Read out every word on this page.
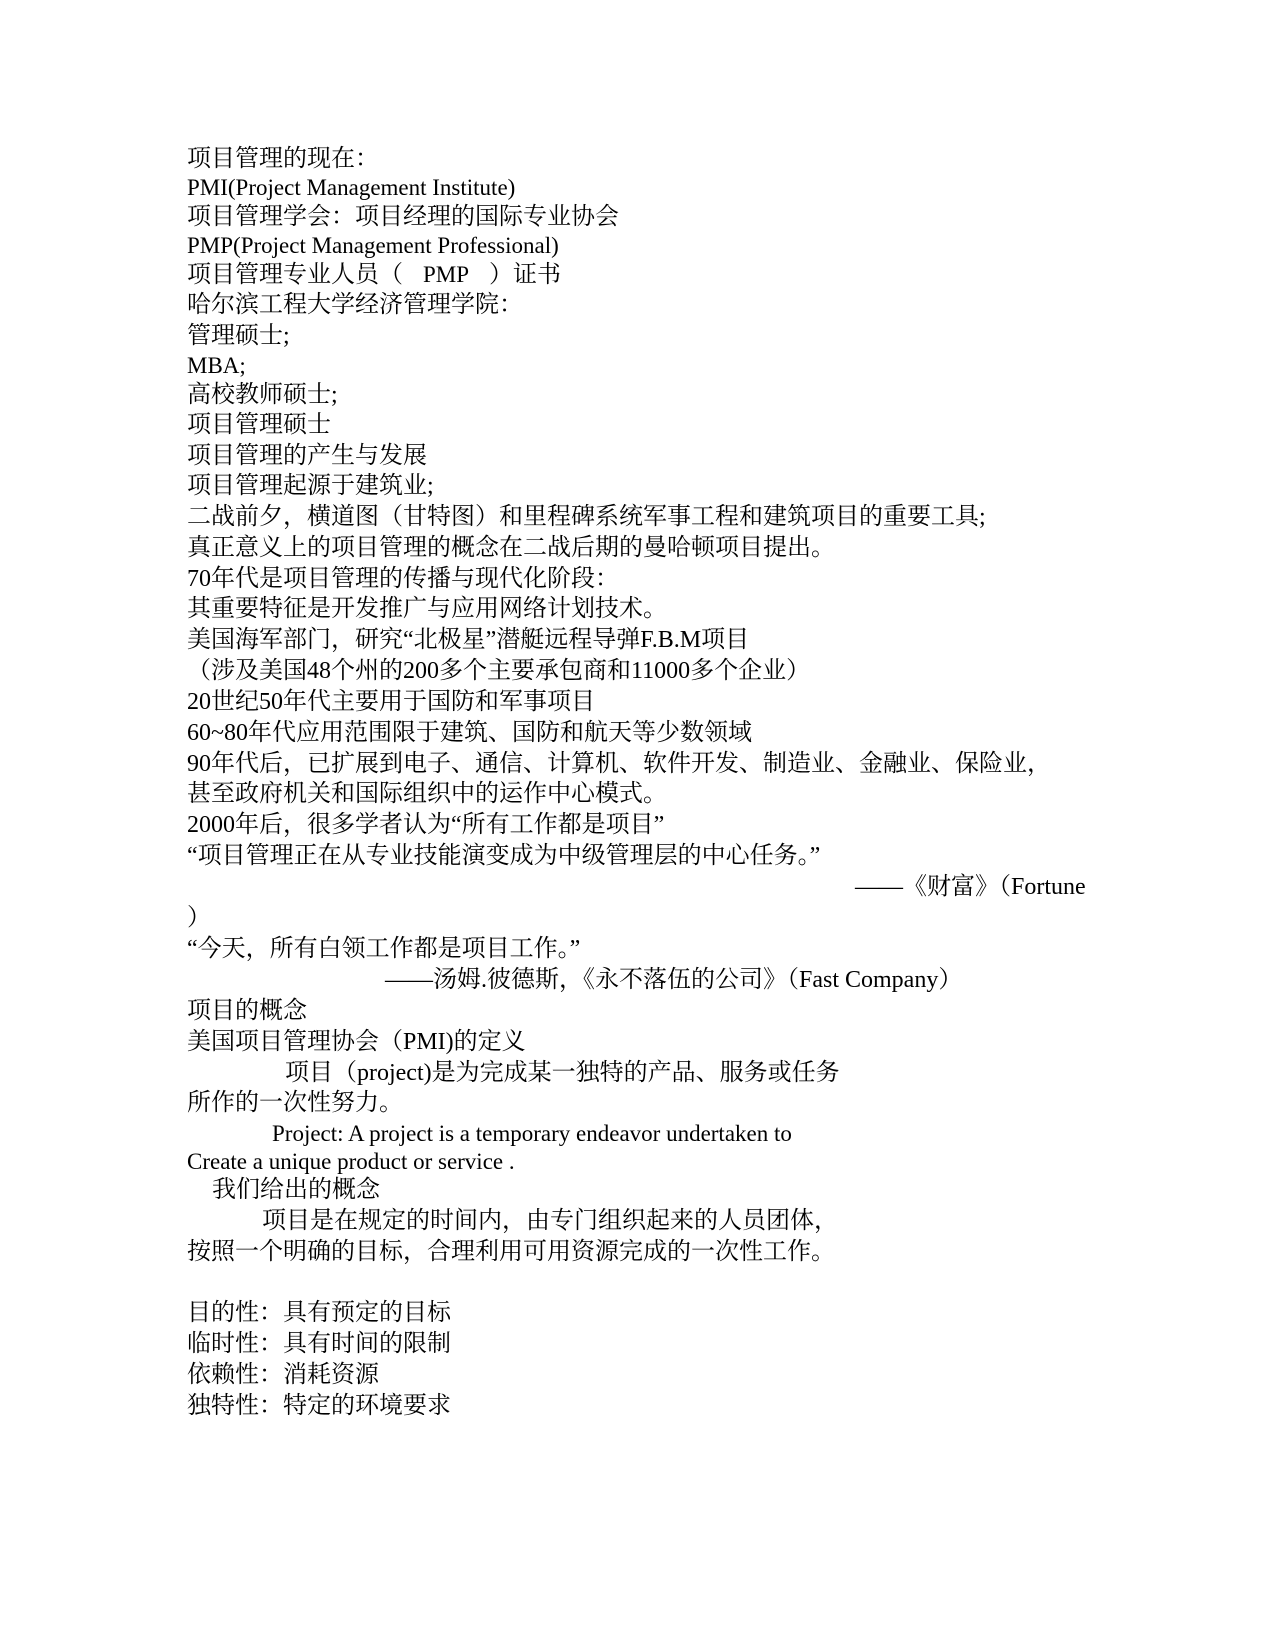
项目管理的现在：
PMI(Project Management Institute)
项目管理学会：项目经理的国际专业协会
PMP(Project Management Professional)
项目管理专业人员（ PMP ）证书
哈尔滨工程大学经济管理学院：
管理硕士;
MBA;
高校教师硕士;
项目管理硕士
项目管理的产生与发展
项目管理起源于建筑业;
二战前夕，横道图（甘特图）和里程碑系统军事工程和建筑项目的重要工具;
真正意义上的项目管理的概念在二战后期的曼哈顿项目提出。
70年代是项目管理的传播与现代化阶段：
其重要特征是开发推广与应用网络计划技术。
美国海军部门，研究“北极星”潜艇远程导弹F.B.M项目
（涉及美国48个州的200多个主要承包商和11000多个企业）
20世纪50年代主要用于国防和军事项目
60~80年代应用范围限于建筑、国防和航天等少数领域
90年代后，已扩展到电子、通信、计算机、软件开发、制造业、金融业、保险业，
甚至政府机关和国际组织中的运作中心模式。
2000年后，很多学者认为“所有工作都是项目”
“项目管理正在从专业技能演变成为中级管理层的中心任务。”
——《财富》（Fortune
）
“今天，所有白领工作都是项目工作。”
——汤姆.彼德斯，《永不落伍的公司》（Fast Company）
项目的概念
美国项目管理协会（PMI)的定义
项目（project)是为完成某一独特的产品、服务或任务
所作的一次性努力。
Project: A project is a temporary endeavor undertaken to
Create a unique product or service .
我们给出的概念
项目是在规定的时间内，由专门组织起来的人员团体，
按照一个明确的目标，合理利用可用资源完成的一次性工作。
目的性：具有预定的目标
临时性：具有时间的限制
依赖性：消耗资源
独特性：特定的环境要求
